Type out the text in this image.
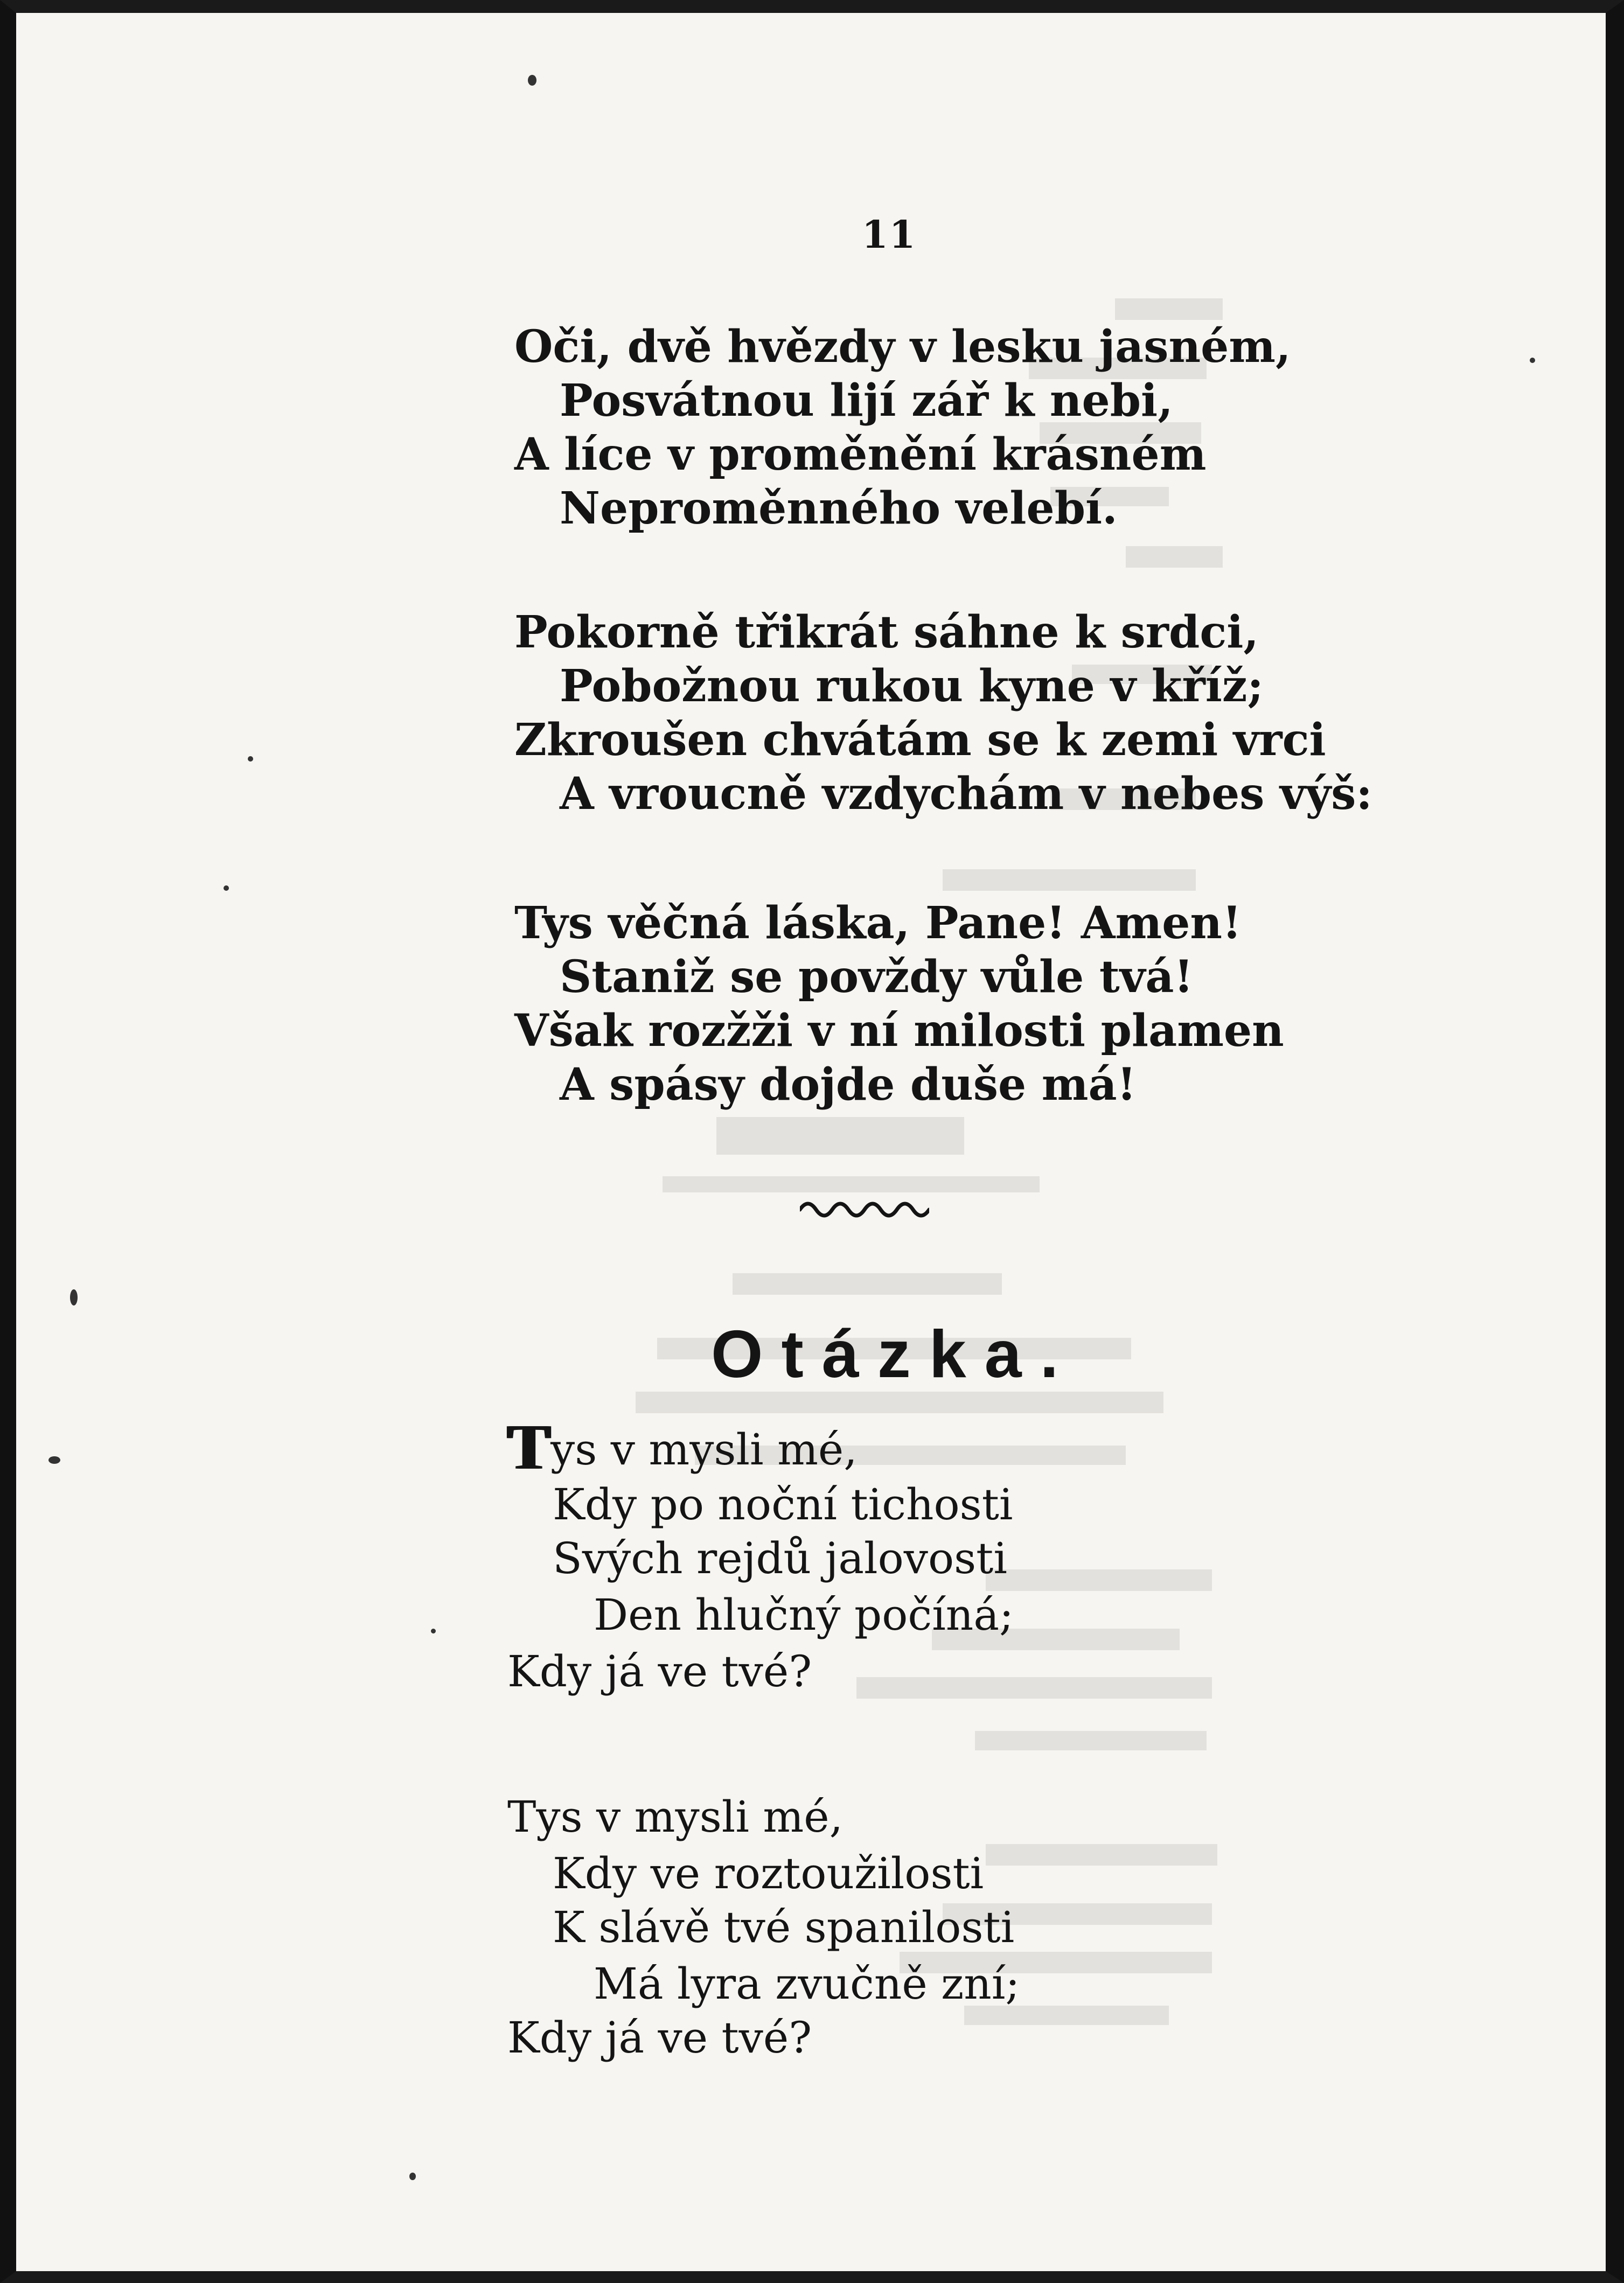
11
Oči, dvě hvězdy v lesku jasném,
Posvátnou lijí zář k nebi,
A líce v proměnění krásném
Neproměnného velebí.
Pokorně třikrát sáhne k srdci,
Pobožnou rukou kyne v kříž;
Zkroušen chvátám se k zemi vrci
A vroucně vzdychám v nebes výš:
Tys věčná láska, Pane! Amen!
Staniž se povždy vůle tvá!
Však rozžži v ní milosti plamen
A spásy dojde duše má!
Otázka.
Tys v mysli mé,
Kdy po noční tichosti
Svých rejdů jalovosti
Den hlučný počíná;
Kdy já ve tvé?
Tys v mysli mé,
Kdy ve roztoužilosti
K slávě tvé spanilosti
Má lyra zvučně zní;
Kdy já ve tvé?
